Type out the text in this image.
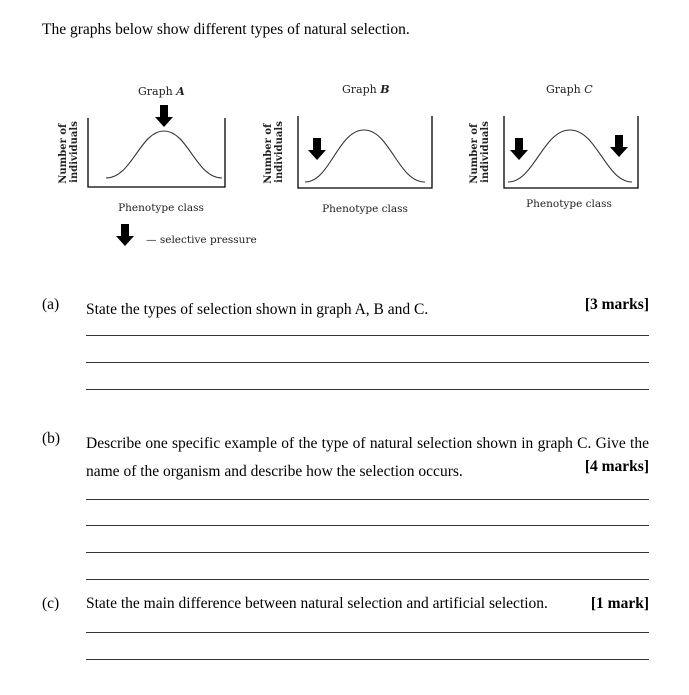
The graphs below show different types of natural selection.
Graph A
Number of individuals
Phenotype class
Graph B
Number of individuals
Phenotype class
Graph C
Number of individuals
Phenotype class
— selective pressure
(a)	State the types of selection shown in graph A, B and C.	[3 marks]
(b)	Describe one specific example of the type of natural selection shown in graph C. Give the name of the organism and describe how the selection occurs.	[4 marks]
(c)	State the main difference between natural selection and artificial selection.	[1 mark]
